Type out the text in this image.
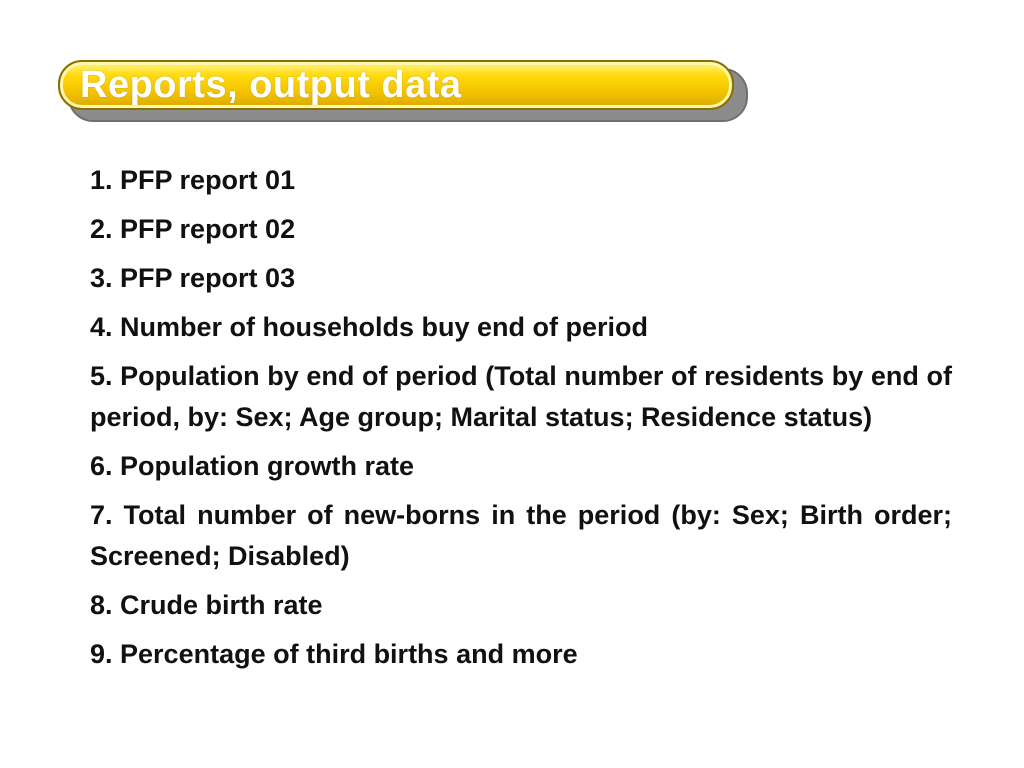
Reports, output data
1. PFP report 01
2. PFP report 02
3. PFP report 03
4. Number of households buy end of period
5. Population by end of period (Total number of residents by end of period, by: Sex; Age group; Marital status; Residence status)
6. Population growth rate
7. Total number of new-borns in the period (by: Sex; Birth order; Screened; Disabled)
8. Crude birth rate
9. Percentage of third births and more
